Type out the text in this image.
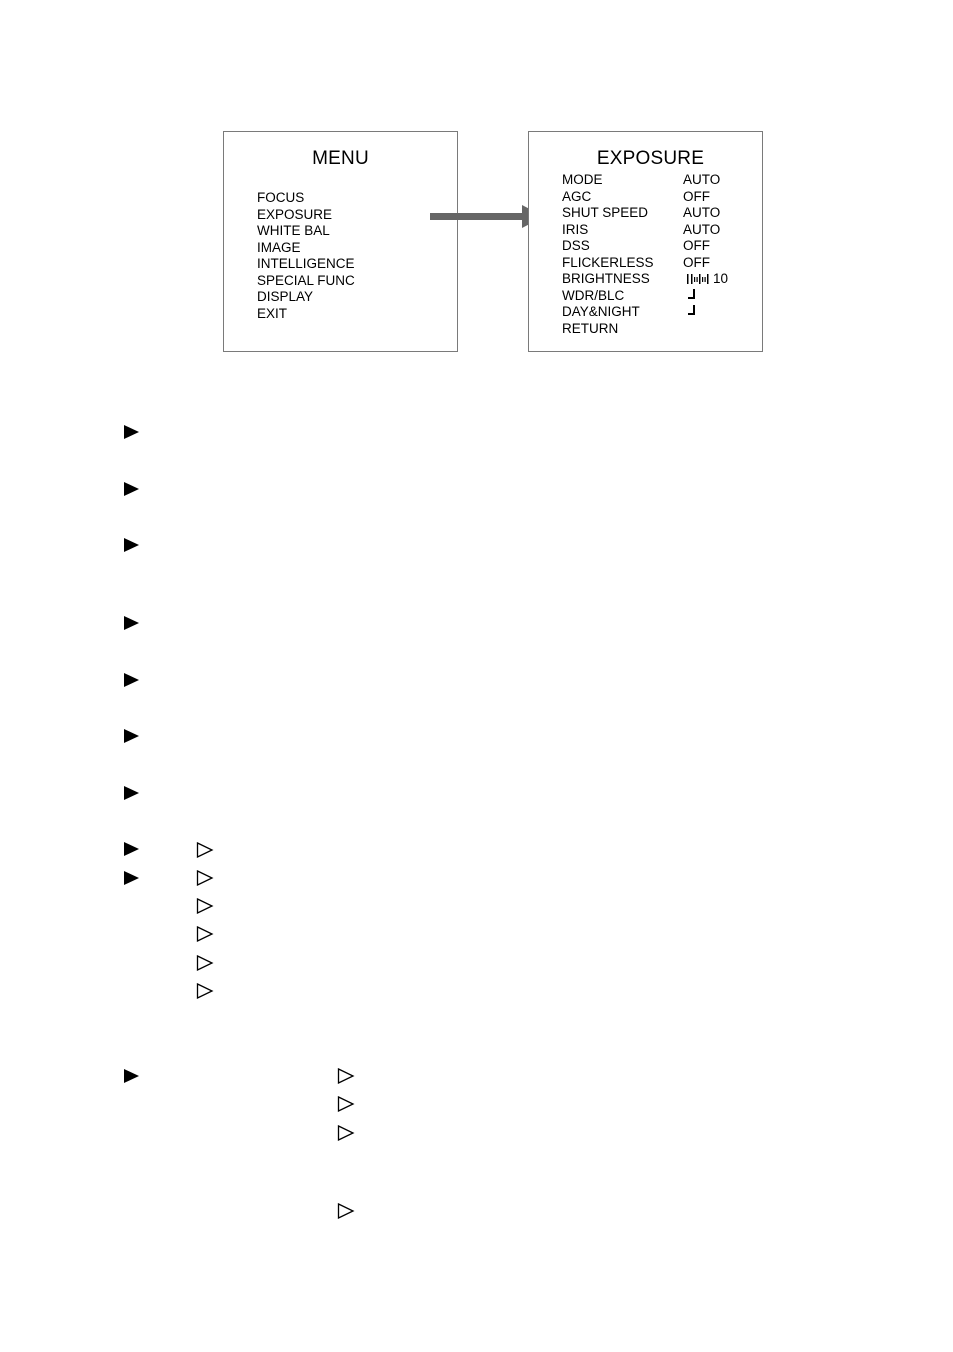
MENU
FOCUS
EXPOSURE
WHITE BAL
IMAGE
INTELLIGENCE
SPECIAL FUNC
DISPLAY
EXIT
EXPOSURE
MODE	AUTO
AGC	OFF
SHUT SPEED	AUTO
IRIS	AUTO
DSS	OFF
FLICKERLESS	OFF
BRIGHTNESS	10
WDR/BLC	
DAY&NIGHT	
RETURN	
